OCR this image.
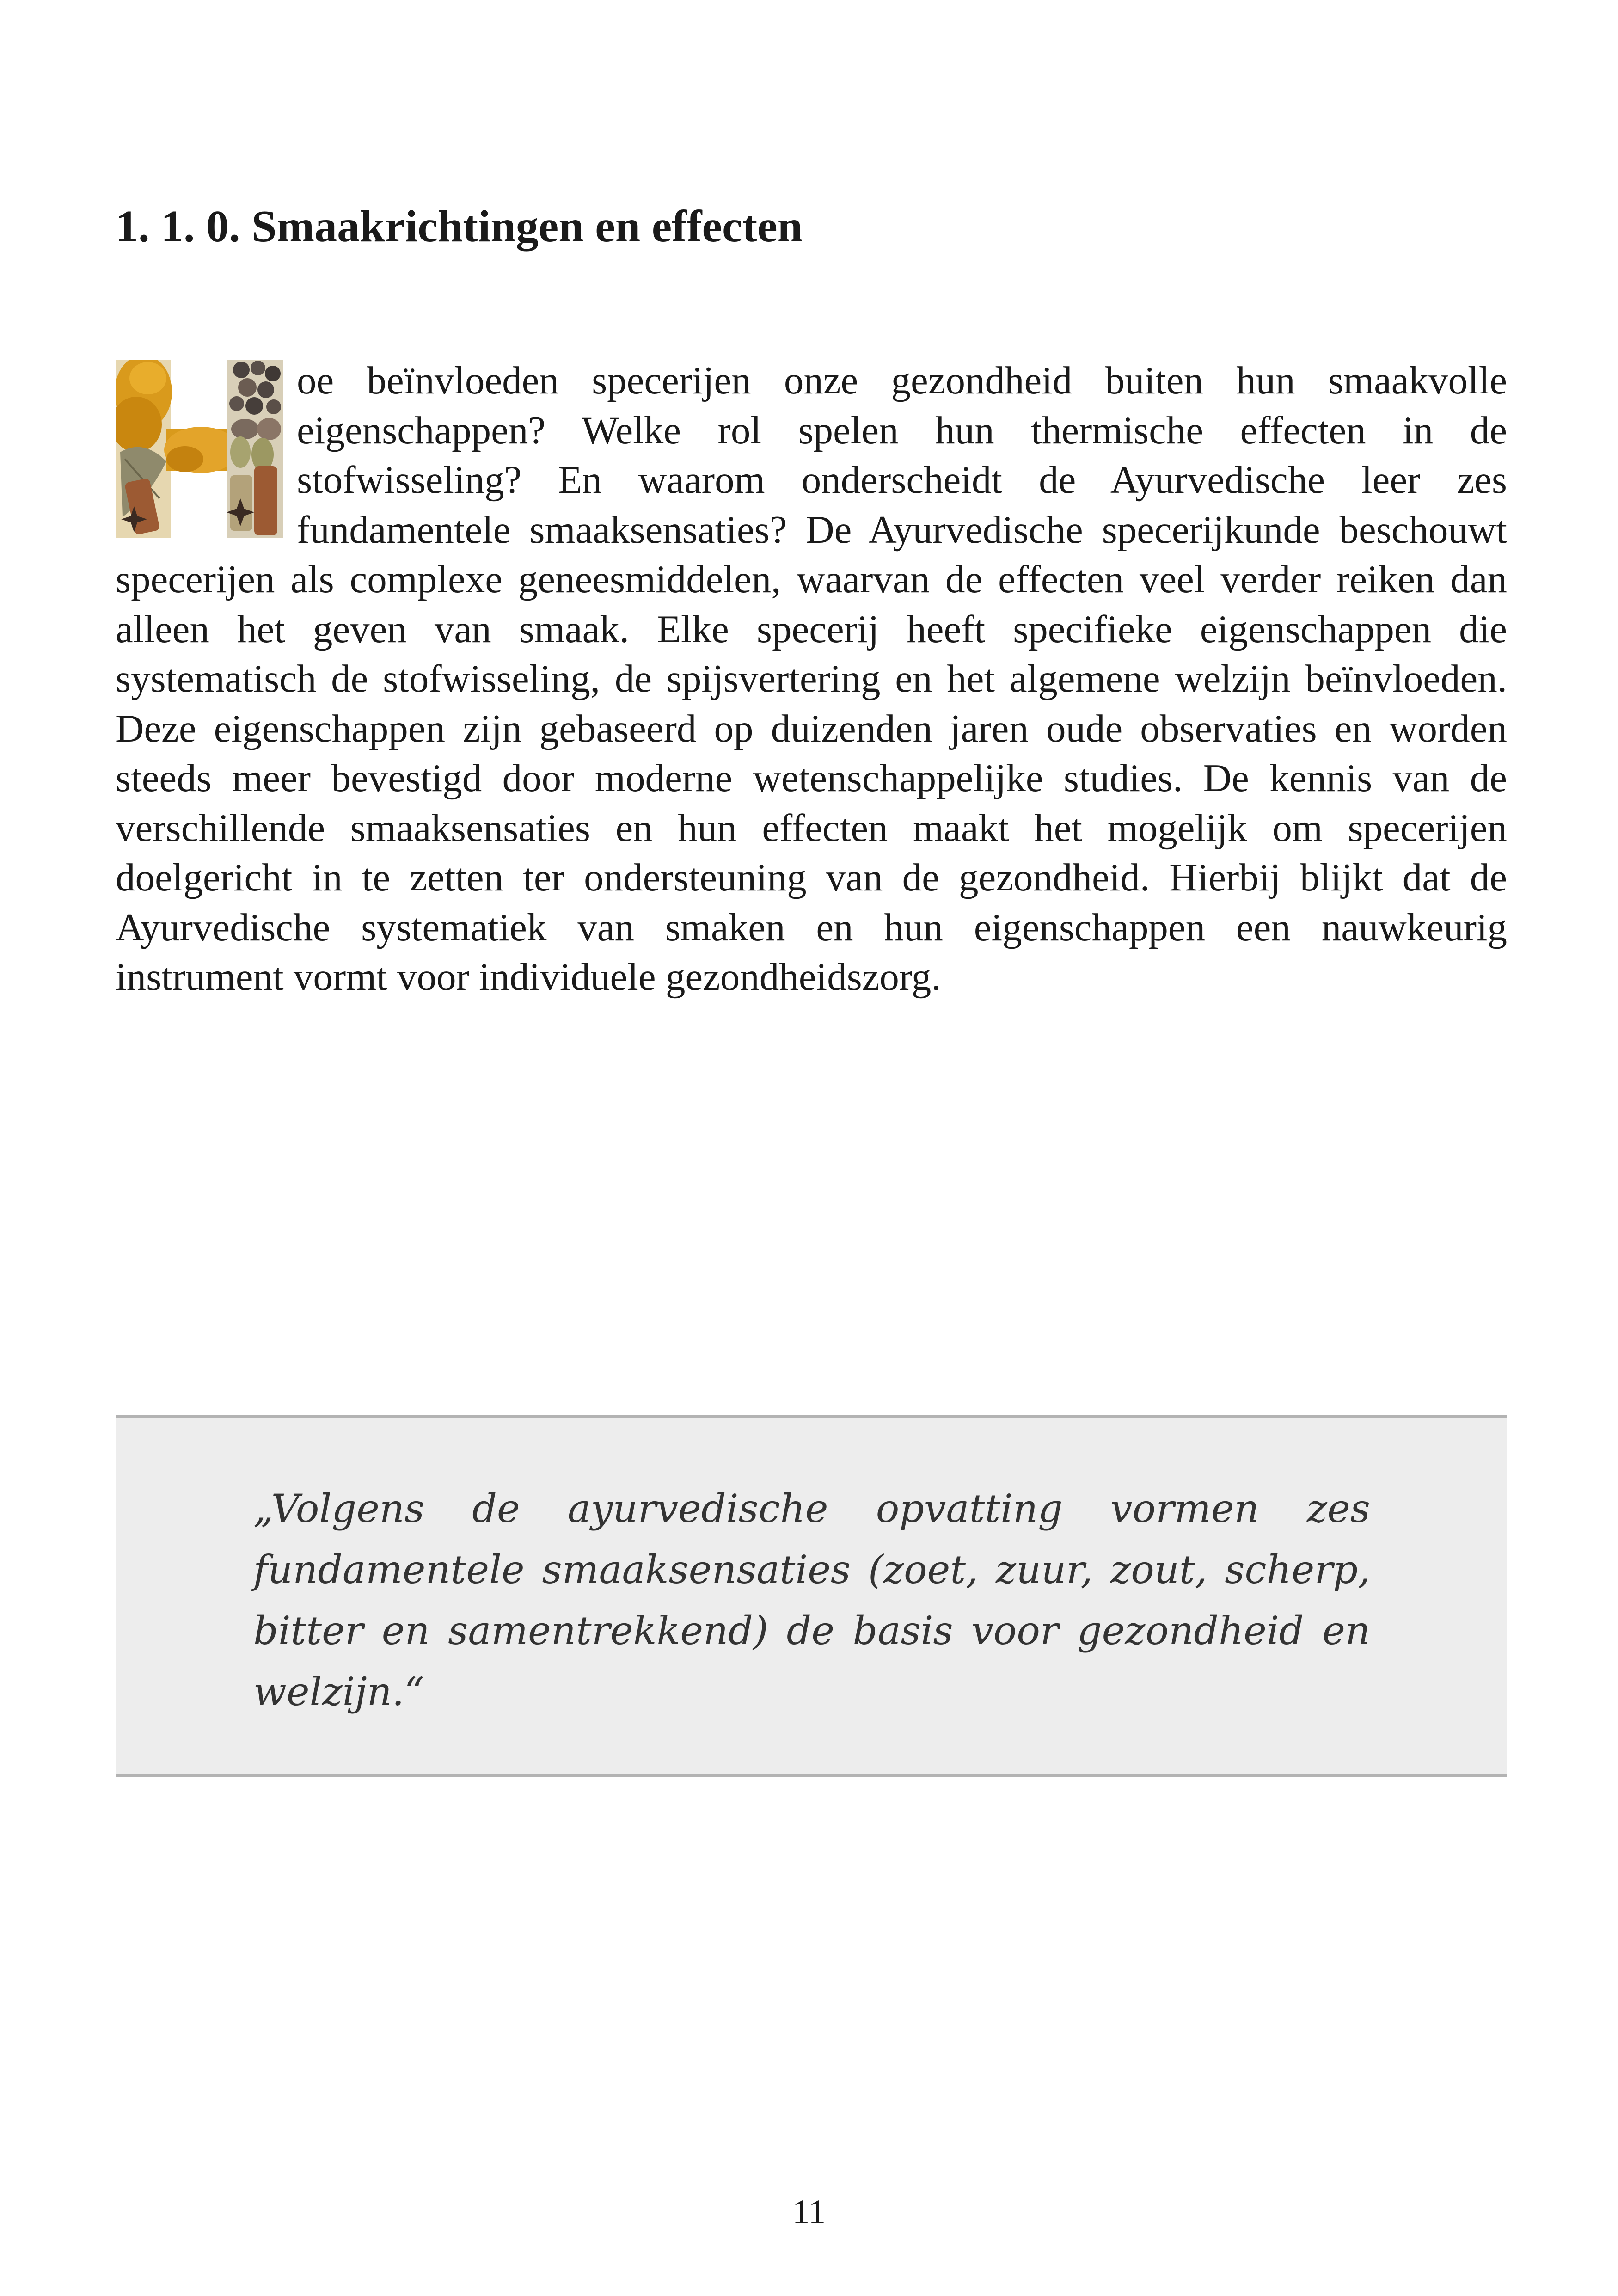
1. 1. 0. Smaakrichtingen en effecten
oe beïnvloeden specerijen onze gezondheid buiten hun smaakvolle eigenschappen? Welke rol spelen hun thermische effecten in de stofwisseling? En waarom onderscheidt de Ayurvedische leer zes fundamentele smaaksensaties? De Ayurvedische specerijkunde beschouwt specerijen als complexe geneesmiddelen, waarvan de effecten veel verder reiken dan alleen het geven van smaak. Elke specerij heeft specifieke eigenschappen die systematisch de stofwisseling, de spijsvertering en het algemene welzijn beïnvloeden. Deze eigenschappen zijn gebaseerd op duizenden jaren oude observaties en worden steeds meer bevestigd door moderne wetenschappelijke studies. De kennis van de verschillende smaaksensaties en hun effecten maakt het mogelijk om specerijen doelgericht in te zetten ter ondersteuning van de gezondheid. Hierbij blijkt dat de Ayurvedische systematiek van smaken en hun eigenschappen een nauwkeurig instrument vormt voor individuele gezondheidszorg.

„Volgens de ayurvedische opvatting vormen zes fundamentele smaaksensaties (zoet, zuur, zout, scherp, bitter en samentrekkend) de basis voor gezondheid en welzijn.“

11
